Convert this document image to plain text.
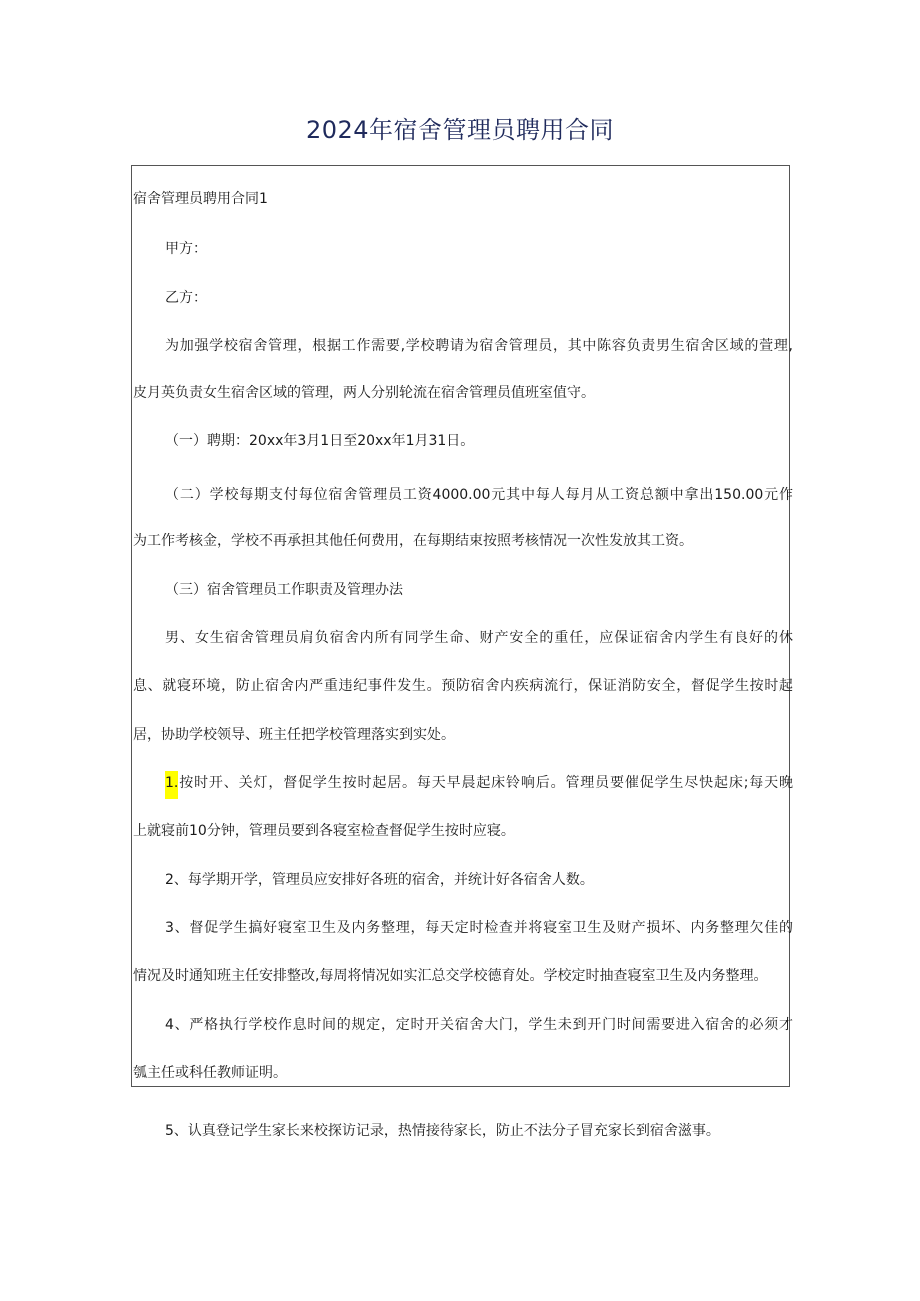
2024年宿舍管理员聘用合同
宿舍管理员聘用合同1
甲方：
乙方：
为加强学校宿舍管理，根据工作需要,学校聘请为宿舍管理员，其中陈容负责男生宿舍区域的萱理,
皮月英负责女生宿舍区域的管理，两人分别轮流在宿舍管理员值班室值守。
（一）聘期：20xx年3月1日至20xx年1月31日。
（二）学校每期支付每位宿舍管理员工资4000.00元其中每人每月从工资总额中拿出150.00元作
为工作考核金，学校不再承担其他任何费用，在每期结束按照考核情况一次性发放其工资。
（三）宿舍管理员工作职责及管理办法
男、女生宿舍管理员肩负宿舍内所有同学生命、财产安全的重任，应保证宿舍内学生有良好的休
息、就寝环境，防止宿舍内严重违纪事件发生。预防宿舍内疾病流行，保证消防安全，督促学生按时起
居，协助学校领导、班主任把学校管理落实到实处。
1.按时开、关灯，督促学生按时起居。每天早晨起床铃响后。管理员要催促学生尽快起床;每天晚
上就寝前10分钟，管理员要到各寝室检查督促学生按时应寝。
2、每学期开学，管理员应安排好各班的宿舍，并统计好各宿舍人数。
3、督促学生搞好寝室卫生及内务整理，每天定时检查并将寝室卫生及财产损坏、内务整理欠佳的
情况及时通知班主任安排整改,每周将情况如实汇总交学校德育处。学校定时抽查寝室卫生及内务整理。
4、严格执行学校作息时间的规定，定时开关宿舍大门，学生未到开门时间需要进入宿舍的必须才
瓠主任或科任教师证明。
5、认真登记学生家长来校探访记录，热情接待家长，防止不法分子冒充家长到宿舍滋事。
